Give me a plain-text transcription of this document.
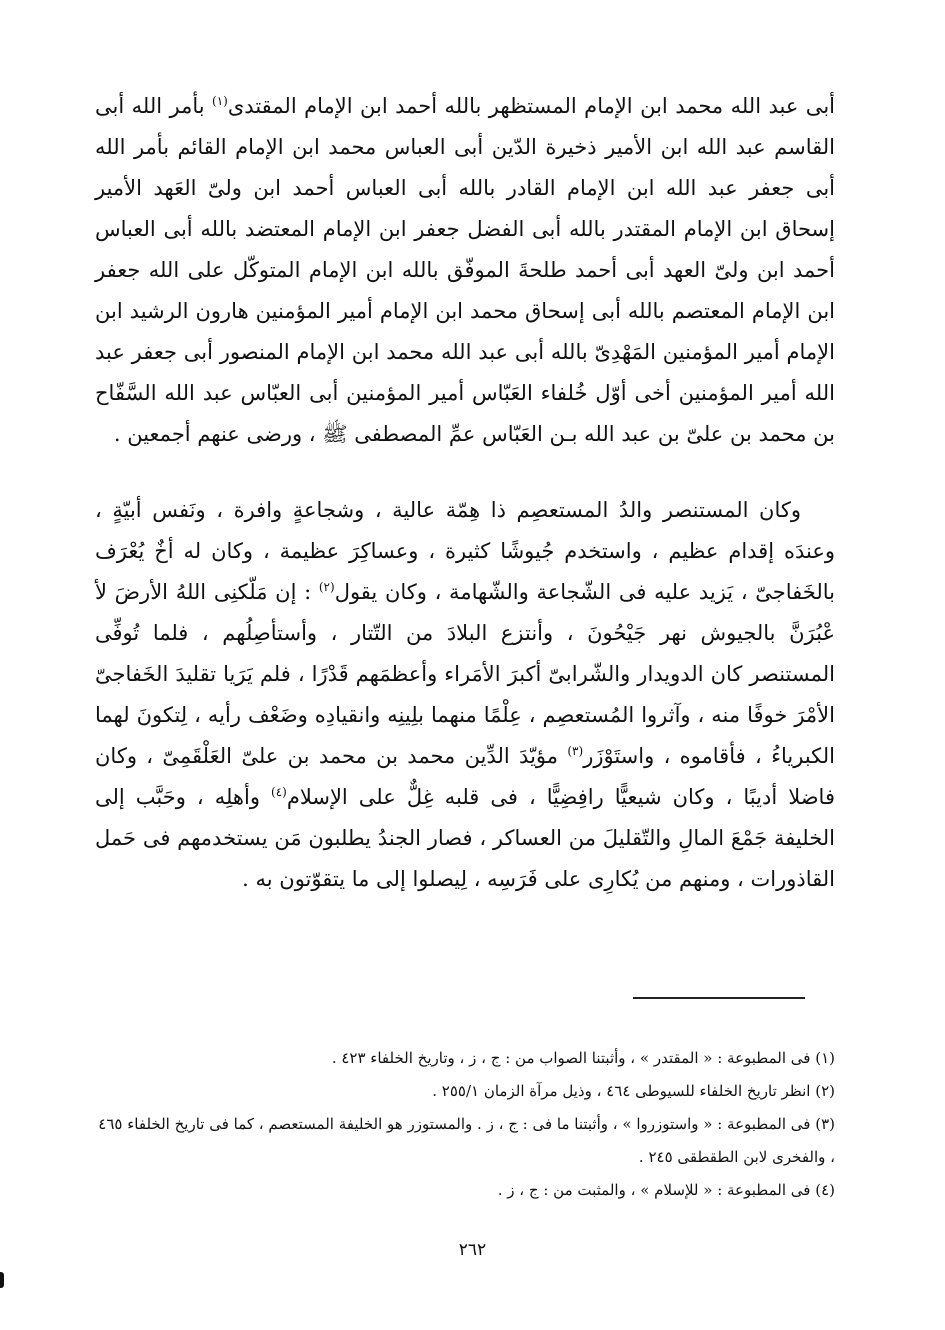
أبى عبد الله محمد ابن الإمام المستظهر بالله أحمد ابن الإمام المقتدى$^{(١)}$ بأمر الله أبى القاسم عبد الله ابن الأمير ذخيرة الدّين أبى العباس محمد ابن الإمام القائم بأمر الله أبى جعفر عبد الله ابن الإمام القادر بالله أبى العباس أحمد ابن ولىّ العَهد الأمير إسحاق ابن الإمام المقتدر بالله أبى الفضل جعفر ابن الإمام المعتضد بالله أبى العباس أحمد ابن ولىّ العهد أبى أحمد طلحةَ الموفّق بالله ابن الإمام المتوكّل على الله جعفر ابن الإمام المعتصم بالله أبى إسحاق محمد ابن الإمام أمير المؤمنين هارون الرشيد ابن الإمام أمير المؤمنين المَهْدِىّ بالله أبى عبد الله محمد ابن الإمام المنصور أبى جعفر عبد الله أمير المؤمنين أخى أوّل خُلفاء العَبّاس أمير المؤمنين أبى العبّاس عبد الله السَّفّاح بن محمد بن علىّ بن عبد الله بـن العَبّاس عمِّ المصطفى ﷺ ، ورضى عنهم أجمعين .

وكان المستنصر والدُ المستعصِم ذا هِمّة عالية ، وشجاعةٍ وافرة ، ونَفس أبيّةٍ ، وعندَه إقدام عظيم ، واستخدم جُيوشًا كثيرة ، وعساكِرَ عظيمة ، وكان له أخٌ يُعْرَف بالخَفاجىّ ، يَزيد عليه فى الشّجاعة والشّهامة ، وكان يقول$^{(٢)}$ : إن مَلّكنِى اللهُ الأرضَ لأ عْبُرَنَّ بالجيوش نهر جَيْحُونَ ، وأنتزع البلادَ من التّتار ، وأستأصِلُهم ، فلما تُوفِّى المستنصر كان الدويدار والشّرابىّ أكبرَ الأمَراء وأعظمَهم قَدْرًا ، فلم يَرَيا تقليدَ الخَفاجىّ الأمْرَ خوفًا منه ، وآثروا المُستعصِم ، عِلْمًا منهما بلِينِه وانقيادِه وضَعْف رأيه ، لِتكونَ لهما الكبرياءُ ، فأقاموه ، واستَوْزَر$^{(٣)}$ مؤيّدَ الدِّين محمد بن محمد بن علىّ العَلْقَمِىّ ، وكان فاضلا أديبًا ، وكان شيعيًّا رافِضِيًّا ، فى قلبه غِلٌّ على الإسلام$^{(٤)}$ وأهلِه ، وحَبَّب إلى الخليفة جَمْعَ المالِ والتّقليلَ من العساكر ، فصار الجندُ يطلبون مَن يستخدمهم فى حَمل القاذورات ، ومنهم من يُكارِى على فَرَسِه ، لِيصلوا إلى ما يتقوّتون به .

(١) فى المطبوعة : « المقتدر » ، وأثبتنا الصواب من : ج ، ز ، وتاريخ الخلفاء ٤٢٣ .
(٢) انظر تاريخ الخلفاء للسيوطى ٤٦٤ ، وذيل مرآة الزمان ٢٥٥/١ .
(٣) فى المطبوعة : « واستوزروا » ، وأثبتنا ما فى : ج ، ز . والمستوزر هو الخليفة المستعصم ، كما فى تاريخ الخلفاء ٤٦٥ ، والفخرى لابن الطقطقى ٢٤٥ .
(٤) فى المطبوعة : « للإسلام » ، والمثبت من : ج ، ز .
٢٦٢
